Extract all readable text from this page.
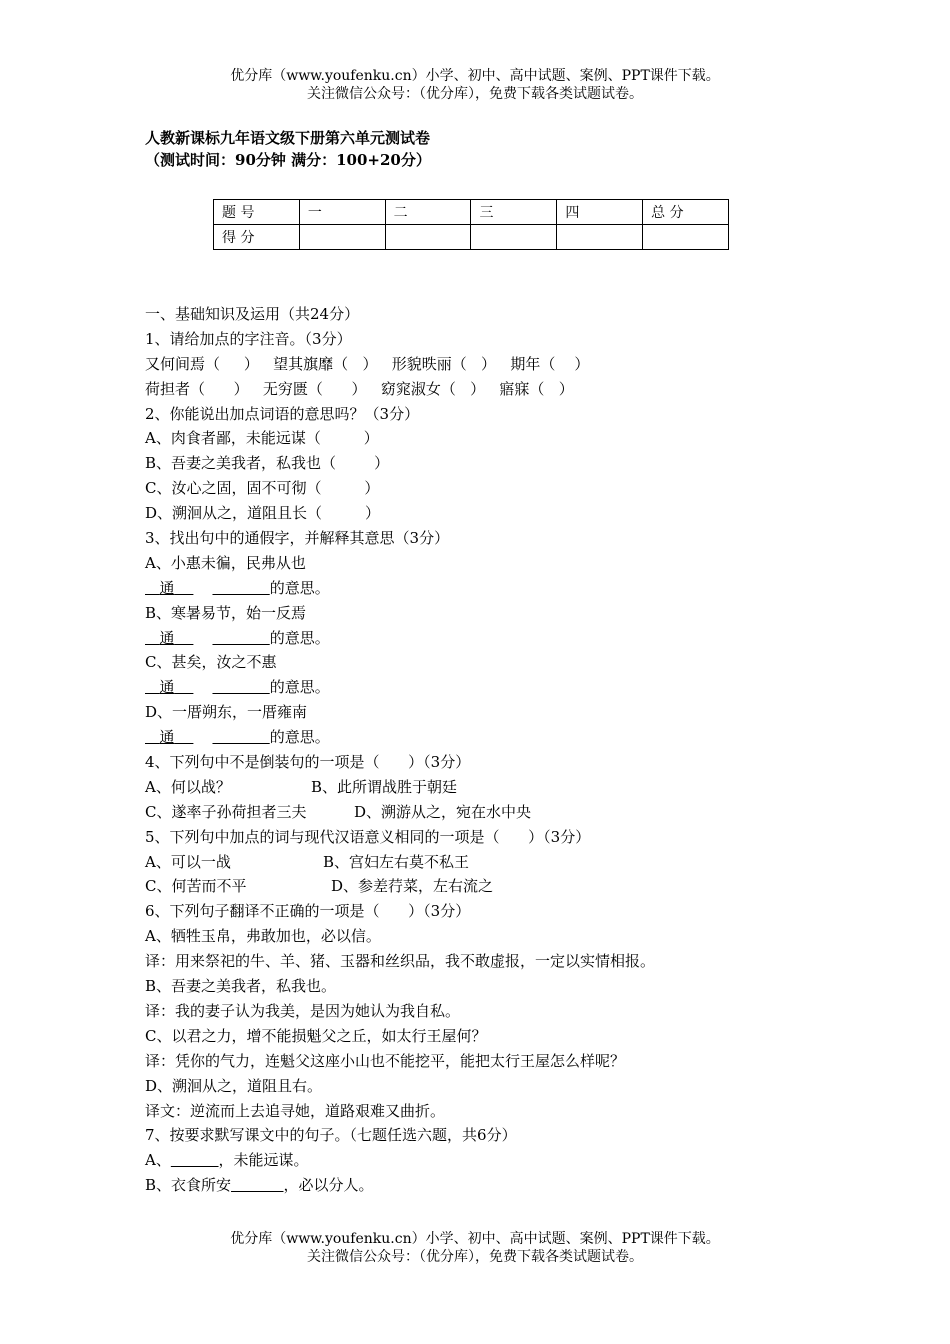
优分库（www.youfenku.cn）小学、初中、高中试题、案例、PPT课件下载。
关注微信公众号：（优分库），免费下载各类试题试卷。
人教新课标九年语文级下册第六单元测试卷
（测试时间：90分钟 满分：100+20分）
题 号	一	二	三	四	总 分
得 分					
一、基础知识及运用（共24分）
1、请给加点的字注音。（3分）
又何间焉（     ）   望其旗靡（   ）   形貌昳丽（   ）   期年（    ）
荷担者（      ）   无穷匮（      ）   窈窕淑女（   ）   寤寐（   ）
2、你能说出加点词语的意思吗？（3分）
A、肉食者鄙，未能远谋（         ）
B、吾妻之美我者，私我也（        ）
C、汝心之固，固不可彻（         ）
D、溯洄从之，道阻且长（         ）
3、找出句中的通假字，并解释其意思（3分）
A、小惠未徧，民弗从也
通	的意思。
B、寒暑易节，始一反焉
通	的意思。
C、甚矣，汝之不惠
通	的意思。
D、一厝朔东，一厝雍南
通	的意思。
4、下列句中不是倒装句的一项是（      ）（3分）
A、何以战？	B、此所谓战胜于朝廷
C、遂率子孙荷担者三夫	D、溯游从之，宛在水中央
5、下列句中加点的词与现代汉语意义相同的一项是（      ）（3分）
A、可以一战	B、宫妇左右莫不私王
C、何苦而不平	D、参差荇菜，左右流之
6、下列句子翻译不正确的一项是（      ）（3分）
A、牺牲玉帛，弗敢加也，必以信。
译：用来祭祀的牛、羊、猪、玉器和丝织品，我不敢虚报，一定以实情相报。
B、吾妻之美我者，私我也。
译：我的妻子认为我美，是因为她认为我自私。
C、以君之力，增不能损魁父之丘，如太行王屋何？
译：凭你的气力，连魁父这座小山也不能挖平，能把太行王屋怎么样呢？
D、溯洄从之，道阻且右。
译文：逆流而上去追寻她，道路艰难又曲折。
7、按要求默写课文中的句子。（七题任选六题，共6分）
A、	，未能远谋。
B、衣食所安	，必以分人。
优分库（www.youfenku.cn）小学、初中、高中试题、案例、PPT课件下载。
关注微信公众号：（优分库），免费下载各类试题试卷。
